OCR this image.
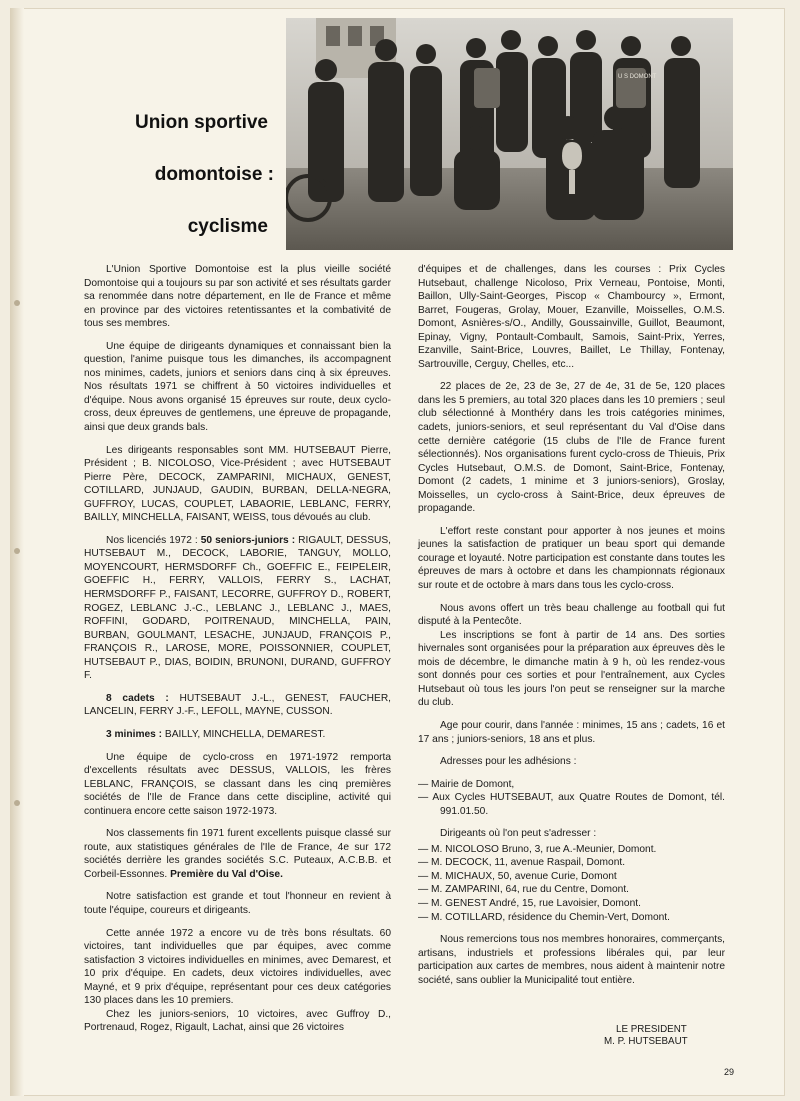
Union sportive
domontoise :
cyclisme
U S DOMONT

L'Union Sportive Domontoise est la plus vieille société Domontoise qui a toujours su par son activité et ses résultats garder sa renommée dans notre département, en Ile de France et même en province par des victoires retentissantes et la combativité de tous ses membres.

Une équipe de dirigeants dynamiques et connaissant bien la question, l'anime puisque tous les dimanches, ils accompagnent nos minimes, cadets, juniors et seniors dans cinq à six épreuves. Nos résultats 1971 se chiffrent à 50 victoires individuelles et d'équipe. Nous avons organisé 15 épreuves sur route, deux cyclo-cross, deux épreuves de gentlemens, une épreuve de propagande, ainsi que deux grands bals.

Les dirigeants responsables sont MM. HUTSEBAUT Pierre, Président ; B. NICOLOSO, Vice-Président ; avec HUTSEBAUT Pierre Père, DECOCK, ZAMPARINI, MICHAUX, GENEST, COTILLARD, JUNJAUD, GAUDIN, BURBAN, DELLA-NEGRA, GUFFROY, LUCAS, COUPLET, LABAORIE, LEBLANC, FERRY, BAILLY, MINCHELLA, FAISANT, WEISS, tous dévoués au club.

Nos licenciés 1972 : 50 seniors-juniors : RIGAULT, DESSUS, HUTSEBAUT M., DECOCK, LABORIE, TANGUY, MOLLO, MOYENCOURT, HERMSDORFF Ch., GOEFFIC E., FEIPELEIR, GOEFFIC H., FERRY, VALLOIS, FERRY S., LACHAT, HERMSDORFF P., FAISANT, LECORRE, GUFFROY D., ROBERT, ROGEZ, LEBLANC J.-C., LEBLANC J., LEBLANC J., MAES, ROFFINI, GODARD, POITRENAUD, MINCHELLA, PAIN, BURBAN, GOULMANT, LESACHE, JUNJAUD, FRANÇOIS P., FRANÇOIS R., LAROSE, MORE, POISSONNIER, COUPLET, HUTSEBAUT P., DIAS, BOIDIN, BRUNONI, DURAND, GUFFROY F.

8 cadets : HUTSEBAUT J.-L., GENEST, FAUCHER, LANCELIN, FERRY J.-F., LEFOLL, MAYNE, CUSSON.

3 minimes : BAILLY, MINCHELLA, DEMAREST.

Une équipe de cyclo-cross en 1971-1972 remporta d'excellents résultats avec DESSUS, VALLOIS, les frères LEBLANC, FRANÇOIS, se classant dans les cinq premières sociétés de l'Ile de France dans cette discipline, activité qui continuera encore cette saison 1972-1973.

Nos classements fin 1971 furent excellents puisque classé sur route, aux statistiques générales de l'Ile de France, 4e sur 172 sociétés derrière les grandes sociétés S.C. Puteaux, A.C.B.B. et Corbeil-Essonnes. Première du Val d'Oise.

Notre satisfaction est grande et tout l'honneur en revient à toute l'équipe, coureurs et dirigeants.

Cette année 1972 a encore vu de très bons résultats. 60 victoires, tant individuelles que par équipes, avec comme satisfaction 3 victoires individuelles en minimes, avec Demarest, et 10 prix d'équipe. En cadets, deux victoires individuelles, avec Mayné, et 9 prix d'équipe, représentant pour ces deux catégories 130 places dans les 10 premiers.

Chez les juniors-seniors, 10 victoires, avec Guffroy D., Portrenaud, Rogez, Rigault, Lachat, ainsi que 26 victoires

d'équipes et de challenges, dans les courses : Prix Cycles Hutsebaut, challenge Nicoloso, Prix Verneau, Pontoise, Monti, Baillon, Ully-Saint-Georges, Piscop « Chambourcy », Ermont, Barret, Fougeras, Grolay, Mouer, Ezanville, Moisselles, O.M.S. Domont, Asnières-s/O., Andilly, Goussainville, Guillot, Beaumont, Epinay, Vigny, Pontault-Combault, Samois, Saint-Prix, Yerres, Ezanville, Saint-Brice, Louvres, Baillet, Le Thillay, Fontenay, Sartrouville, Cerguy, Chelles, etc...

22 places de 2e, 23 de 3e, 27 de 4e, 31 de 5e, 120 places dans les 5 premiers, au total 320 places dans les 10 premiers ; seul club sélectionné à Monthéry dans les trois catégories minimes, cadets, juniors-seniors, et seul représentant du Val d'Oise dans cette dernière catégorie (15 clubs de l'Ile de France furent sélectionnés). Nos organisations furent cyclo-cross de Thieuis, Prix Cycles Hutsebaut, O.M.S. de Domont, Saint-Brice, Fontenay, Domont (2 cadets, 1 minime et 3 juniors-seniors), Groslay, Moisselles, un cyclo-cross à Saint-Brice, deux épreuves de propagande.

L'effort reste constant pour apporter à nos jeunes et moins jeunes la satisfaction de pratiquer un beau sport qui demande courage et loyauté. Notre participation est constante dans toutes les épreuves de mars à octobre et dans les championnats régionaux sur route et de octobre à mars dans tous les cyclo-cross.

Nous avons offert un très beau challenge au football qui fut disputé à la Pentecôte.

Les inscriptions se font à partir de 14 ans. Des sorties hivernales sont organisées pour la préparation aux épreuves dès le mois de décembre, le dimanche matin à 9 h, où les rendez-vous sont donnés pour ces sorties et pour l'entraînement, aux Cycles Hutsebaut où tous les jours l'on peut se renseigner sur la marche du club.

Age pour courir, dans l'année : minimes, 15 ans ; cadets, 16 et 17 ans ; juniors-seniors, 18 ans et plus.

Adresses pour les adhésions :

— Mairie de Domont,
— Aux Cycles HUTSEBAUT, aux Quatre Routes de Domont, tél. 991.01.50.

Dirigeants où l'on peut s'adresser :

— M. NICOLOSO Bruno, 3, rue A.-Meunier, Domont.
— M. DECOCK, 11, avenue Raspail, Domont.
— M. MICHAUX, 50, avenue Curie, Domont
— M. ZAMPARINI, 64, rue du Centre, Domont.
— M. GENEST André, 15, rue Lavoisier, Domont.
— M. COTILLARD, résidence du Chemin-Vert, Domont.

Nous remercions tous nos membres honoraires, commerçants, artisans, industriels et professions libérales qui, par leur participation aux cartes de membres, nous aident à maintenir notre société, sans oublier la Municipalité tout entière.

LE PRESIDENT
M. P. HUTSEBAUT
29
